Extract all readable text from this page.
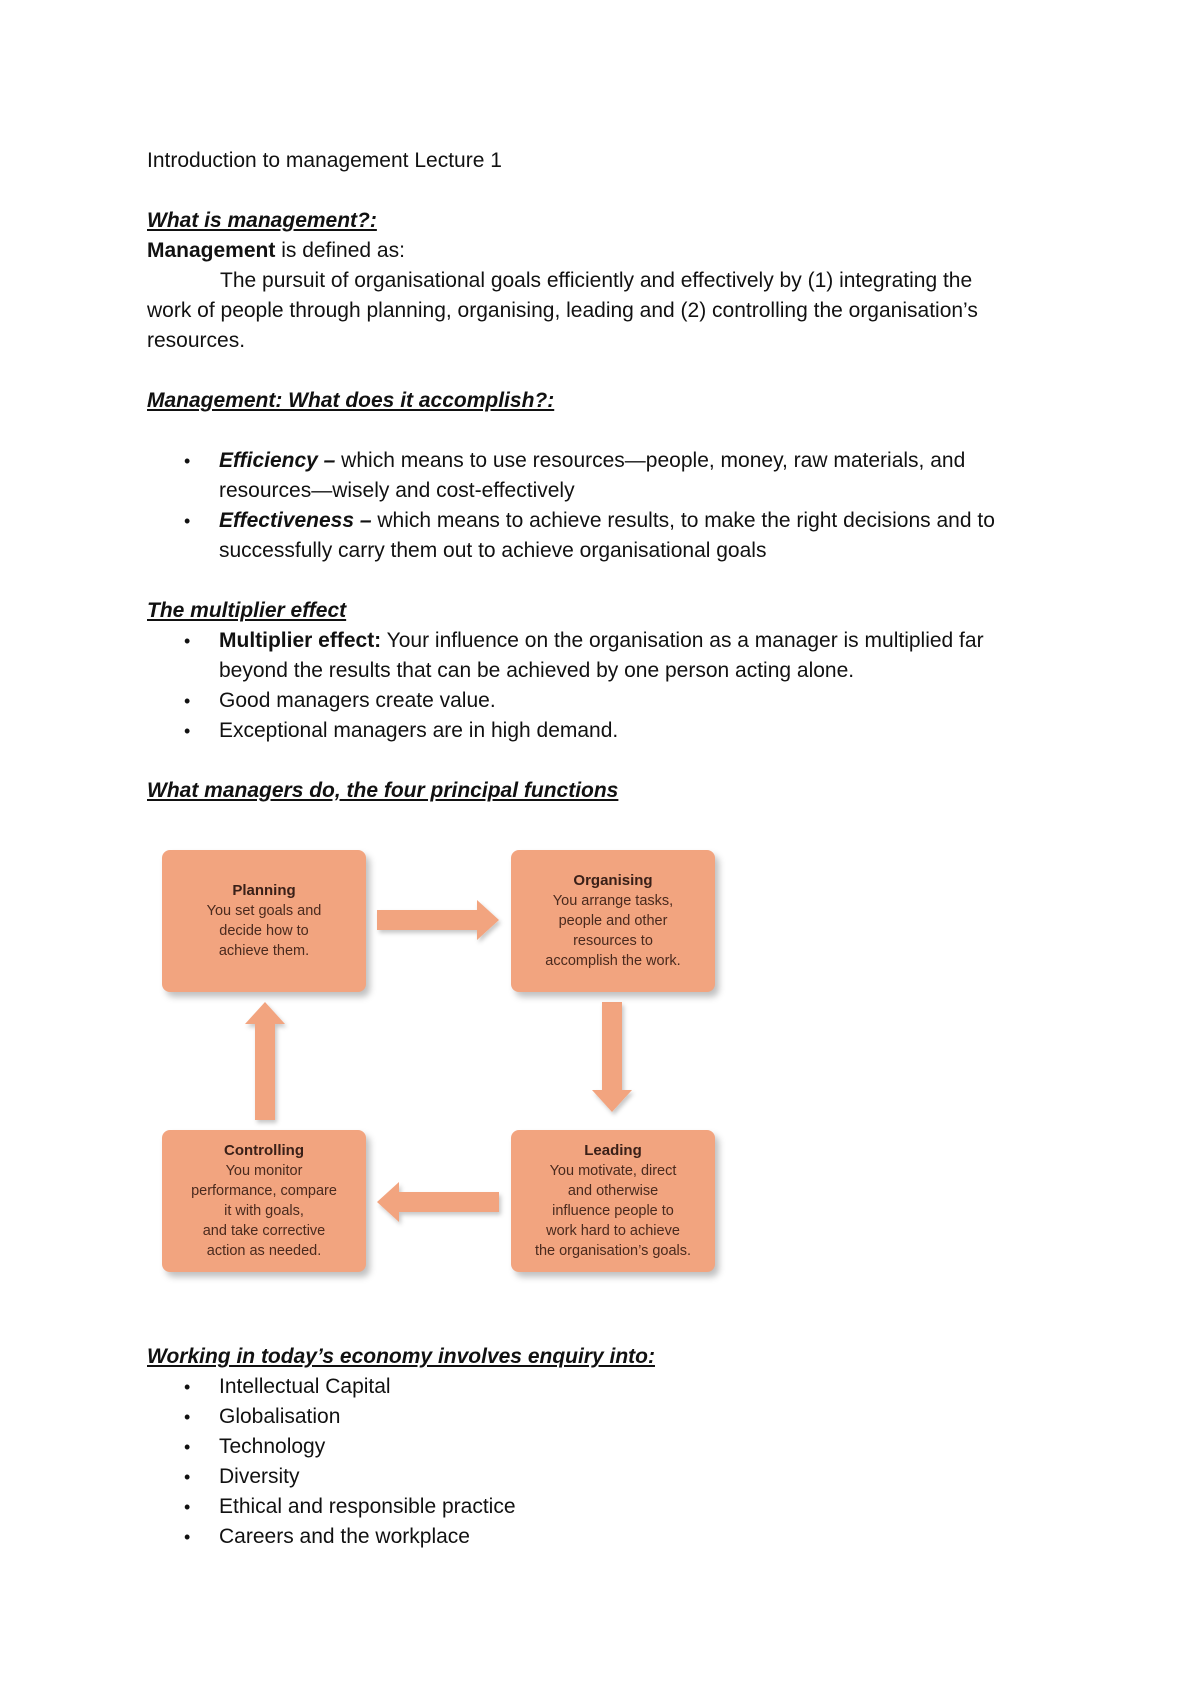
Introduction to management Lecture 1
What is management?:
Management is defined as:
The pursuit of organisational goals efficiently and effectively by (1) integrating the
work of people through planning, organising, leading and (2) controlling the organisation’s
resources.
Management: What does it accomplish?:
• Efficiency – which means to use resources—people, money, raw materials, and
resources—wisely and cost-effectively
• Effectiveness – which means to achieve results, to make the right decisions and to
successfully carry them out to achieve organisational goals
The multiplier effect
• Multiplier effect: Your influence on the organisation as a manager is multiplied far
beyond the results that can be achieved by one person acting alone.
• Good managers create value.
• Exceptional managers are in high demand.
What managers do, the four principal functions
Planning
You set goals and
decide how to
achieve them.
Organising
You arrange tasks,
people and other
resources to
accomplish the work.
Leading
You motivate, direct
and otherwise
influence people to
work hard to achieve
the organisation’s goals.
Controlling
You monitor
performance, compare
it with goals,
and take corrective
action as needed.
Working in today’s economy involves enquiry into:
• Intellectual Capital
• Globalisation
• Technology
• Diversity
• Ethical and responsible practice
• Careers and the workplace
